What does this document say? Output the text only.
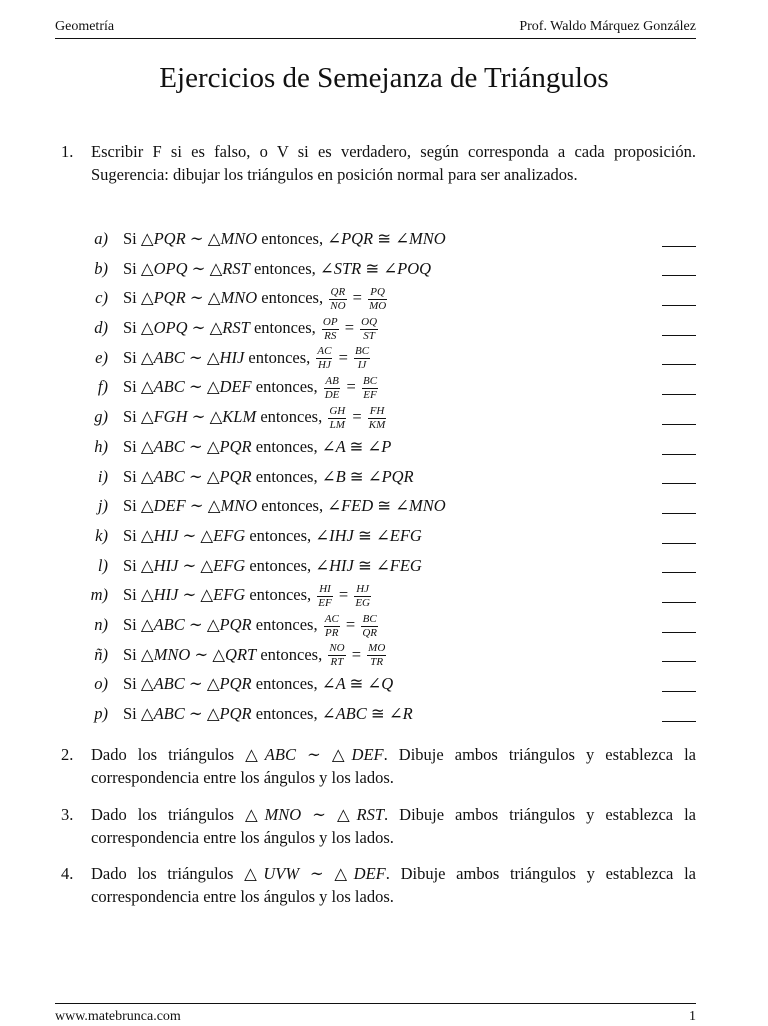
Geometría	Prof. Waldo Márquez González
Ejercicios de Semejanza de Triángulos
1. Escribir F si es falso, o V si es verdadero, según corresponda a cada proposición. Sugerencia: dibujar los triángulos en posición normal para ser analizados.
a) Si △PQR ∼ △MNO entonces, ∠PQR ≅ ∠MNO
b) Si △OPQ ∼ △RST entonces, ∠STR ≅ ∠POQ
c) Si △PQR ∼ △MNO entonces, $\frac{QR}{NO} = \frac{PQ}{MO}$
d) Si △OPQ ∼ △RST entonces, $\frac{OP}{RS} = \frac{OQ}{ST}$
e) Si △ABC ∼ △HIJ entonces, $\frac{AC}{HJ} = \frac{BC}{IJ}$
f) Si △ABC ∼ △DEF entonces, $\frac{AB}{DE} = \frac{BC}{EF}$
g) Si △FGH ∼ △KLM entonces, $\frac{GH}{LM} = \frac{FH}{KM}$
h) Si △ABC ∼ △PQR entonces, ∠A ≅ ∠P
i) Si △ABC ∼ △PQR entonces, ∠B ≅ ∠PQR
j) Si △DEF ∼ △MNO entonces, ∠FED ≅ ∠MNO
k) Si △HIJ ∼ △EFG entonces, ∠IHJ ≅ ∠EFG
l) Si △HIJ ∼ △EFG entonces, ∠HIJ ≅ ∠FEG
m) Si △HIJ ∼ △EFG entonces, $\frac{HI}{EF} = \frac{HJ}{EG}$
n) Si △ABC ∼ △PQR entonces, $\frac{AC}{PR} = \frac{BC}{QR}$
ñ) Si △MNO ∼ △QRT entonces, $\frac{NO}{RT} = \frac{MO}{TR}$
o) Si △ABC ∼ △PQR entonces, ∠A ≅ ∠Q
p) Si △ABC ∼ △PQR entonces, ∠ABC ≅ ∠R
2. Dado los triángulos △ABC ∼ △DEF. Dibuje ambos triángulos y establezca la correspondencia entre los ángulos y los lados.
3. Dado los triángulos △MNO ∼ △RST. Dibuje ambos triángulos y establezca la correspondencia entre los ángulos y los lados.
4. Dado los triángulos △UVW ∼ △DEF. Dibuje ambos triángulos y establezca la correspondencia entre los ángulos y los lados.
www.matebrunca.com	1
